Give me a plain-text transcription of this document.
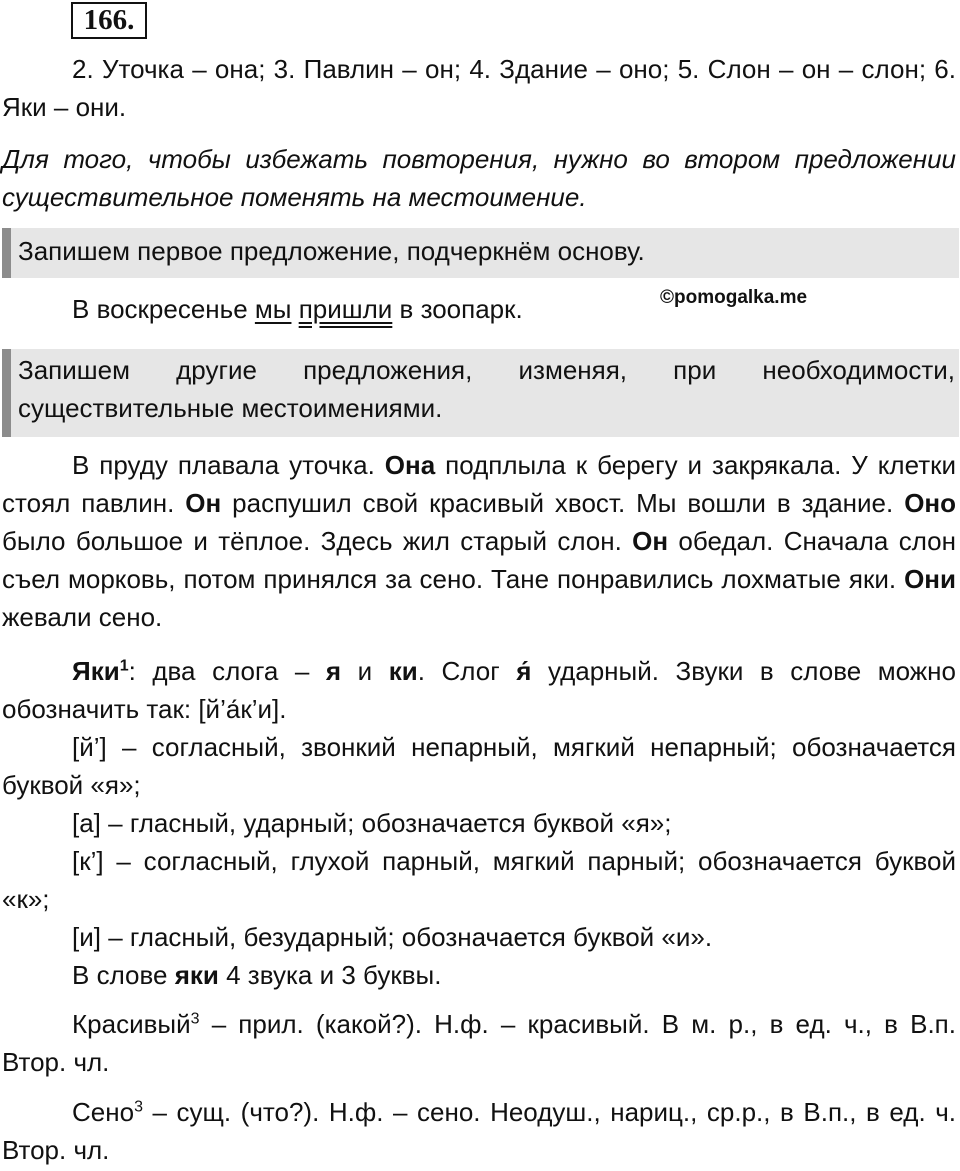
166.
2. Уточка – она; 3. Павлин – он; 4. Здание – оно; 5. Слон – он – слон; 6. Яки – они.
Для того, чтобы избежать повторения, нужно во втором предложении существительное поменять на местоимение.
Запишем первое предложение, подчеркнём основу.
В воскресенье мы пришли в зоопарк.	©pomogalka.me
Запишем другие предложения, изменяя, при необходимости, существительные местоимениями.
В пруду плавала уточка. Она подплыла к берегу и закрякала. У клетки стоял павлин. Он распушил свой красивый хвост. Мы вошли в здание. Оно было большое и тёплое. Здесь жил старый слон. Он обедал. Сначала слон съел морковь, потом принялся за сено. Тане понравились лохматые яки. Они жевали сено.
Яки$^1$: два слога – я и ки. Слог я́ ударный. Звуки в слове можно обозначить так: [й’а́к’и].
[й’] – согласный, звонкий непарный, мягкий непарный; обозначается буквой «я»;
[а] – гласный, ударный; обозначается буквой «я»;
[к’] – согласный, глухой парный, мягкий парный; обозначается буквой «к»;
[и] – гласный, безударный; обозначается буквой «и».
В слове яки 4 звука и 3 буквы.
Красивый$^3$ – прил. (какой?). Н.ф. – красивый. В м. р., в ед. ч., в В.п. Втор. чл.
Сено$^3$ – сущ. (что?). Н.ф. – сено. Неодуш., нариц., ср.р., в В.п., в ед. ч. Втор. чл.
